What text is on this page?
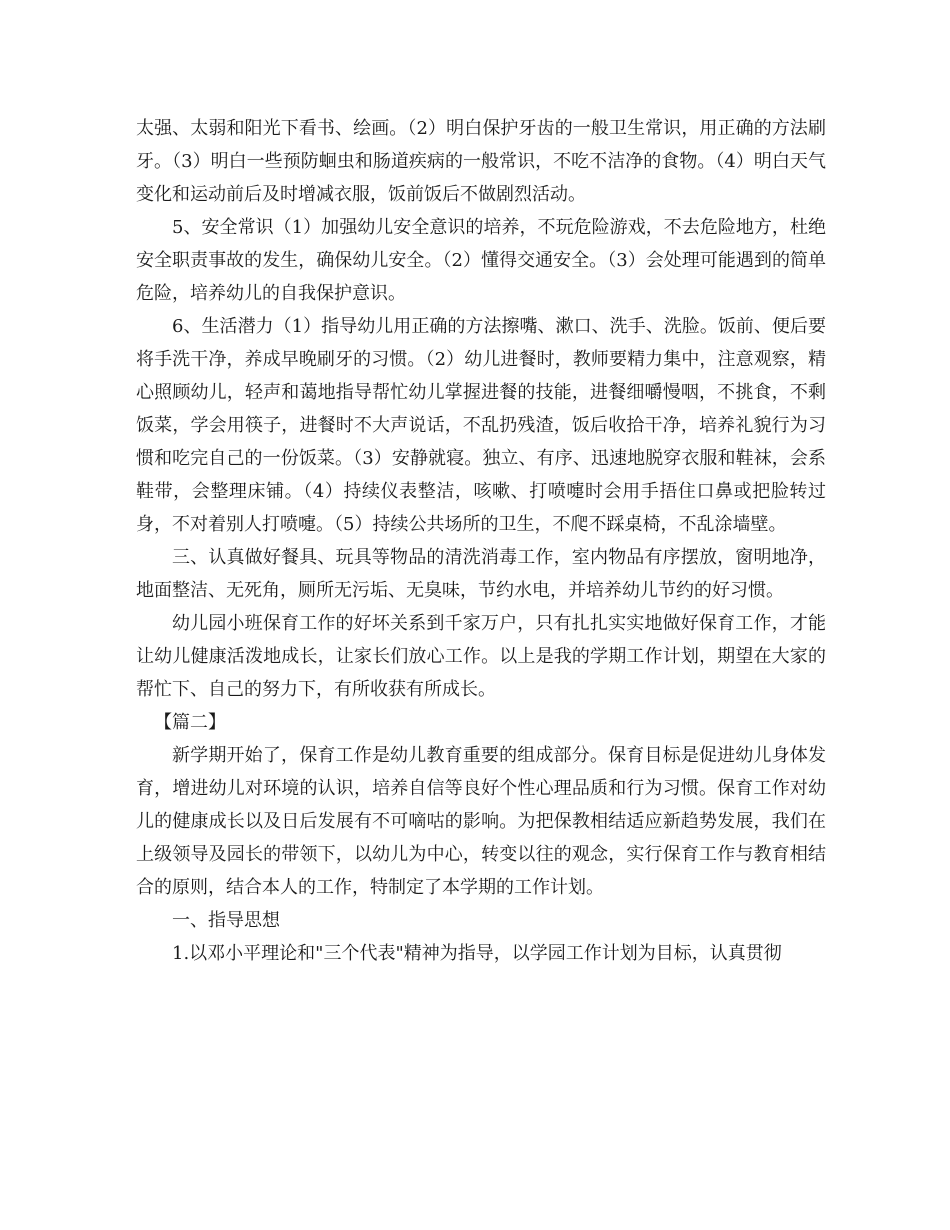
太强、太弱和阳光下看书、绘画。（2）明白保护牙齿的一般卫生常识，用正确的方法刷牙。（3）明白一些预防蛔虫和肠道疾病的一般常识，不吃不洁净的食物。（4）明白天气变化和运动前后及时增减衣服，饭前饭后不做剧烈活动。

5、安全常识（1）加强幼儿安全意识的培养，不玩危险游戏，不去危险地方，杜绝安全职责事故的发生，确保幼儿安全。（2）懂得交通安全。（3）会处理可能遇到的简单危险，培养幼儿的自我保护意识。

6、生活潜力（1）指导幼儿用正确的方法擦嘴、漱口、洗手、洗脸。饭前、便后要将手洗干净，养成早晚刷牙的习惯。（2）幼儿进餐时，教师要精力集中，注意观察，精心照顾幼儿，轻声和蔼地指导帮忙幼儿掌握进餐的技能，进餐细嚼慢咽，不挑食，不剩饭菜，学会用筷子，进餐时不大声说话，不乱扔残渣，饭后收拾干净，培养礼貌行为习惯和吃完自己的一份饭菜。（3）安静就寝。独立、有序、迅速地脱穿衣服和鞋袜，会系鞋带，会整理床铺。（4）持续仪表整洁，咳嗽、打喷嚏时会用手捂住口鼻或把脸转过身，不对着别人打喷嚏。（5）持续公共场所的卫生，不爬不踩桌椅，不乱涂墙壁。

三、认真做好餐具、玩具等物品的清洗消毒工作，室内物品有序摆放，窗明地净，地面整洁、无死角，厕所无污垢、无臭味，节约水电，并培养幼儿节约的好习惯。

幼儿园小班保育工作的好坏关系到千家万户，只有扎扎实实地做好保育工作，才能让幼儿健康活泼地成长，让家长们放心工作。以上是我的学期工作计划，期望在大家的帮忙下、自己的努力下，有所收获有所成长。

【篇二】

新学期开始了，保育工作是幼儿教育重要的组成部分。保育目标是促进幼儿身体发育，增进幼儿对环境的认识，培养自信等良好个性心理品质和行为习惯。保育工作对幼儿的健康成长以及日后发展有不可嘀咕的影响。为把保教相结适应新趋势发展，我们在上级领导及园长的带领下，以幼儿为中心，转变以往的观念，实行保育工作与教育相结合的原则，结合本人的工作，特制定了本学期的工作计划。

一、指导思想

1.以邓小平理论和"三个代表"精神为指导，以学园工作计划为目标，认真贯彻
